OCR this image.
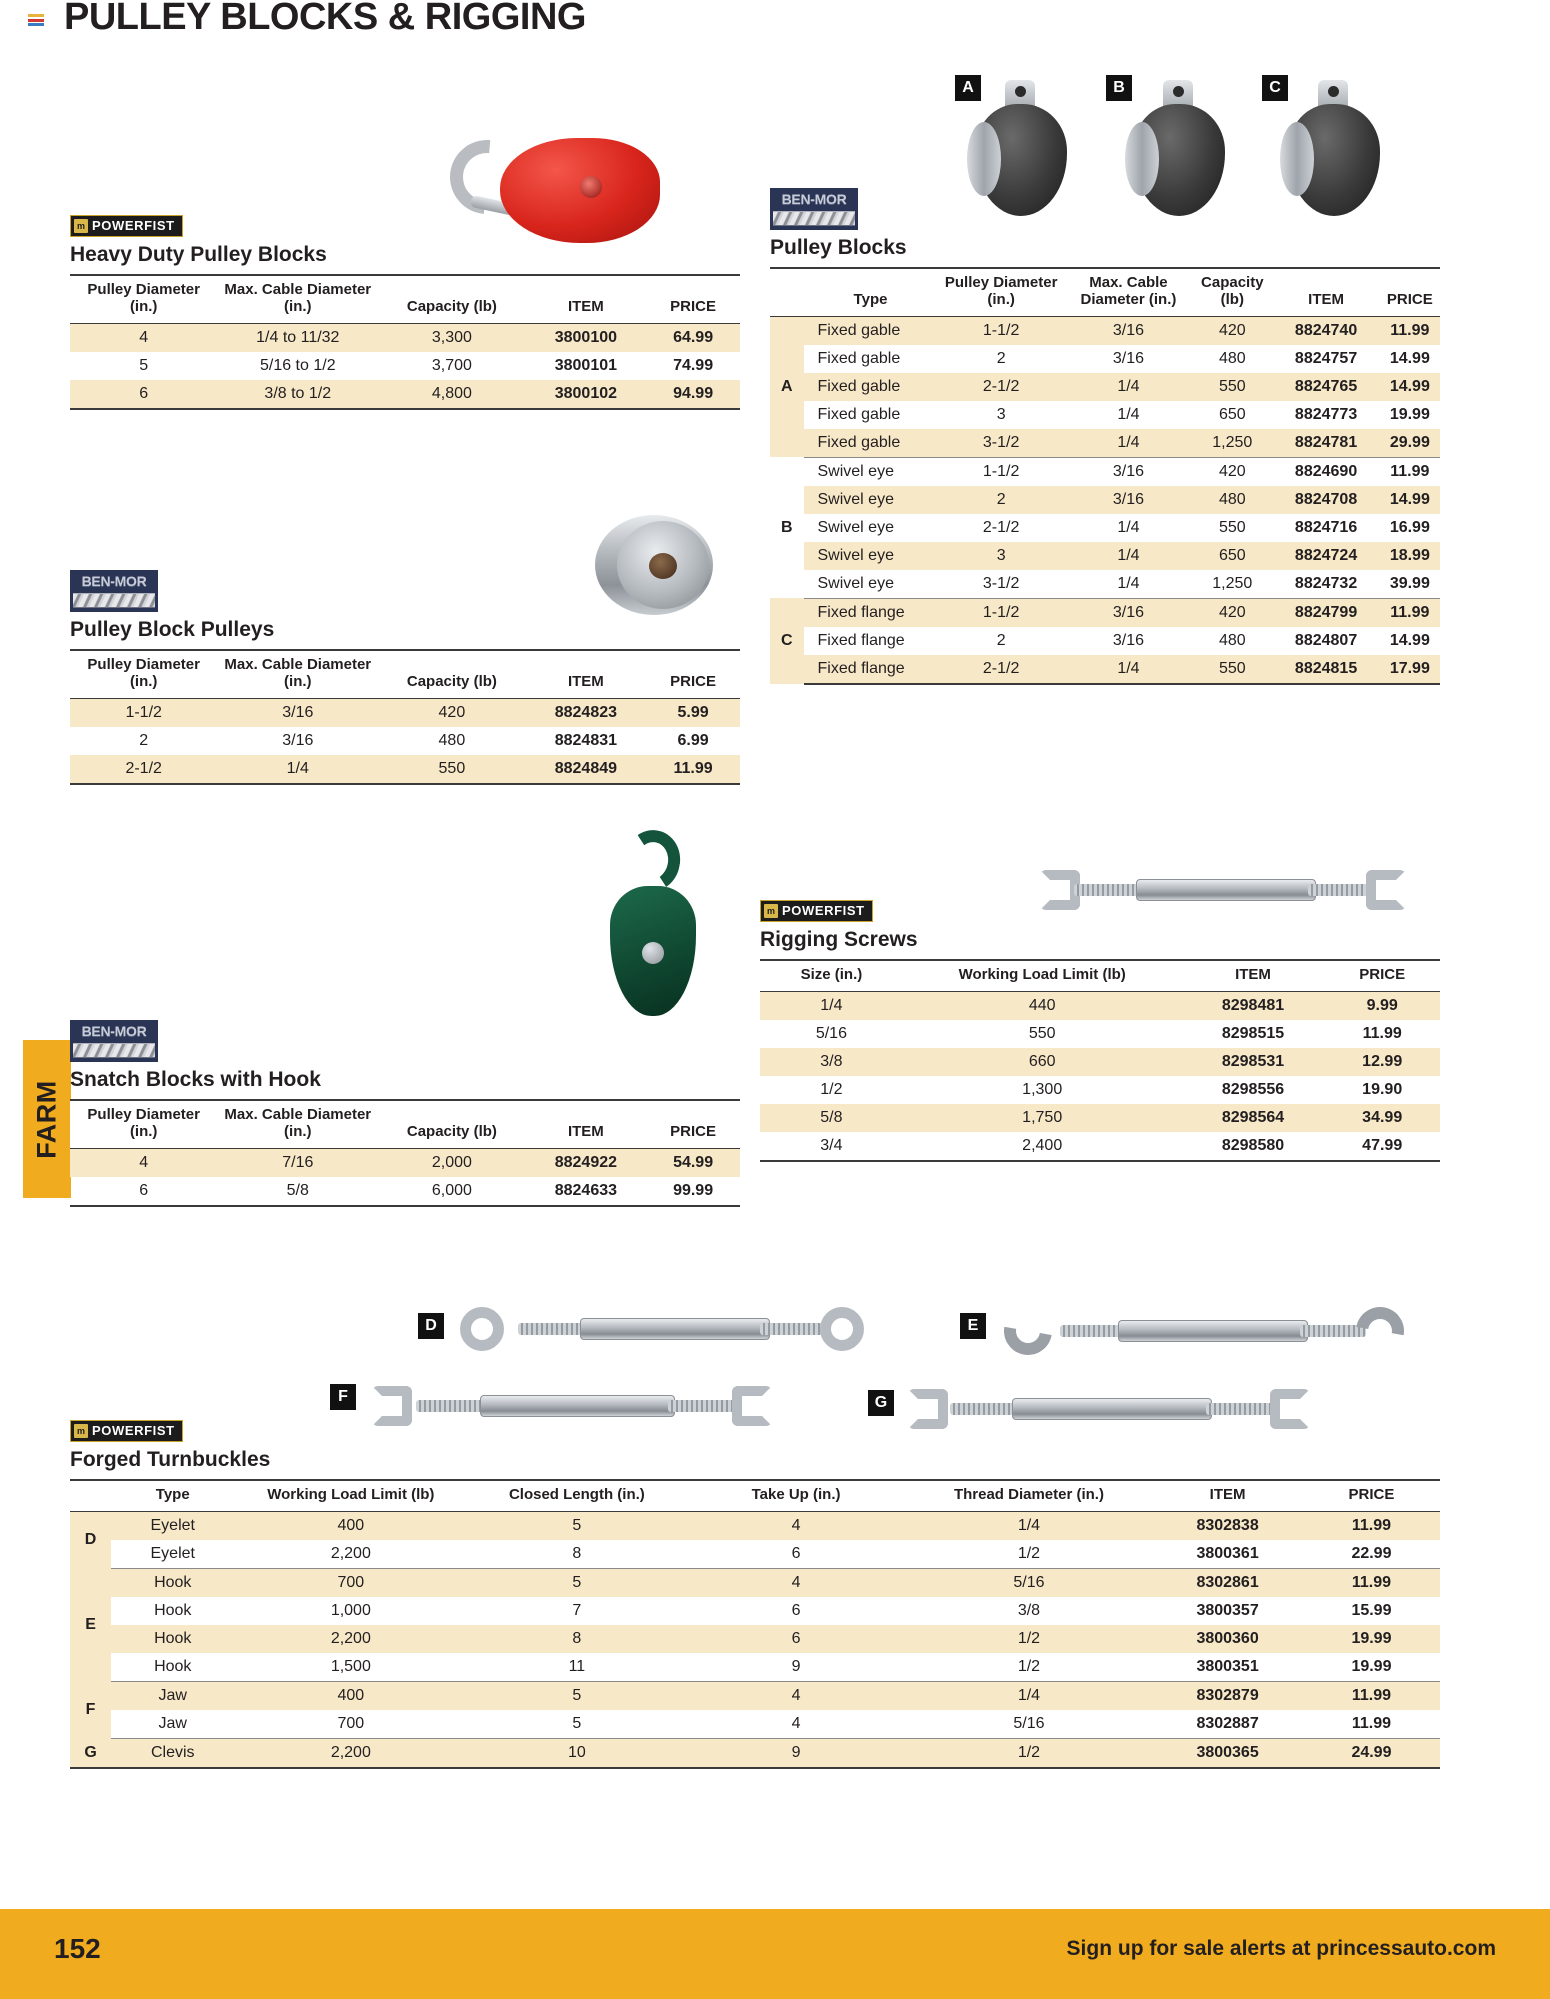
PULLEY BLOCKS & RIGGING
FARM
A	B	C
m POWERFIST
Heavy Duty Pulley Blocks
Pulley Diameter (in.)	Max. Cable Diameter (in.)	Capacity (lb)	ITEM	PRICE
4	1/4 to 11/32	3,300	3800100	64.99
5	5/16 to 1/2	3,700	3800101	74.99
6	3/8 to 1/2	4,800	3800102	94.99
BEN-MOR
Pulley Blocks
	Type	Pulley Diameter (in.)	Max. Cable Diameter (in.)	Capacity (lb)	ITEM	PRICE
A	Fixed gable	1-1/2	3/16	420	8824740	11.99
	Fixed gable	2	3/16	480	8824757	14.99
	Fixed gable	2-1/2	1/4	550	8824765	14.99
	Fixed gable	3	1/4	650	8824773	19.99
	Fixed gable	3-1/2	1/4	1,250	8824781	29.99
B	Swivel eye	1-1/2	3/16	420	8824690	11.99
	Swivel eye	2	3/16	480	8824708	14.99
	Swivel eye	2-1/2	1/4	550	8824716	16.99
	Swivel eye	3	1/4	650	8824724	18.99
	Swivel eye	3-1/2	1/4	1,250	8824732	39.99
C	Fixed flange	1-1/2	3/16	420	8824799	11.99
	Fixed flange	2	3/16	480	8824807	14.99
	Fixed flange	2-1/2	1/4	550	8824815	17.99
BEN-MOR
Pulley Block Pulleys
Pulley Diameter (in.)	Max. Cable Diameter (in.)	Capacity (lb)	ITEM	PRICE
1-1/2	3/16	420	8824823	5.99
2	3/16	480	8824831	6.99
2-1/2	1/4	550	8824849	11.99
BEN-MOR
Snatch Blocks with Hook
Pulley Diameter (in.)	Max. Cable Diameter (in.)	Capacity (lb)	ITEM	PRICE
4	7/16	2,000	8824922	54.99
6	5/8	6,000	8824633	99.99
m POWERFIST
Rigging Screws
Size (in.)	Working Load Limit (lb)	ITEM	PRICE
1/4	440	8298481	9.99
5/16	550	8298515	11.99
3/8	660	8298531	12.99
1/2	1,300	8298556	19.90
5/8	1,750	8298564	34.99
3/4	2,400	8298580	47.99
D	E
F	G
m POWERFIST
Forged Turnbuckles
	Type	Working Load Limit (lb)	Closed Length (in.)	Take Up (in.)	Thread Diameter (in.)	ITEM	PRICE
D	Eyelet	400	5	4	1/4	8302838	11.99
	Eyelet	2,200	8	6	1/2	3800361	22.99
E	Hook	700	5	4	5/16	8302861	11.99
	Hook	1,000	7	6	3/8	3800357	15.99
	Hook	2,200	8	6	1/2	3800360	19.99
	Hook	1,500	11	9	1/2	3800351	19.99
F	Jaw	400	5	4	1/4	8302879	11.99
	Jaw	700	5	4	5/16	8302887	11.99
G	Clevis	2,200	10	9	1/2	3800365	24.99
152	Sign up for sale alerts at princessauto.com
